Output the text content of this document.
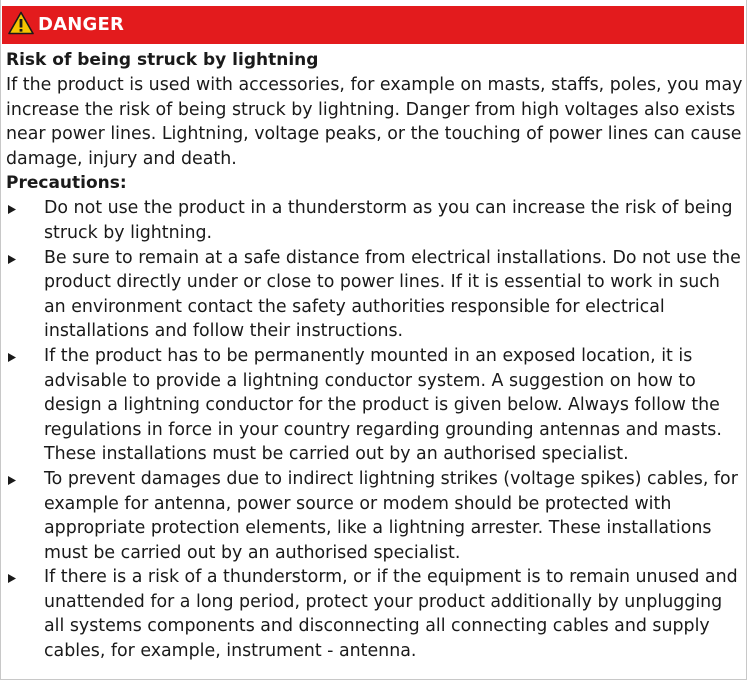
DANGER

Risk of being struck by lightning

If the product is used with accessories, for example on masts, staffs, poles, you may increase the risk of being struck by lightning. Danger from high voltages also exists near power lines. Lightning, voltage peaks, or the touching of power lines can cause damage, injury and death.

Precautions:

Do not use the product in a thunderstorm as you can increase the risk of being struck by lightning.
Be sure to remain at a safe distance from electrical installations. Do not use the product directly under or close to power lines. If it is essential to work in such an environment contact the safety authorities responsible for electrical installations and follow their instructions.
If the product has to be permanently mounted in an exposed location, it is advisable to provide a lightning conductor system. A suggestion on how to design a lightning conductor for the product is given below. Always follow the regulations in force in your country regarding grounding antennas and masts. These installations must be carried out by an authorised specialist.
To prevent damages due to indirect lightning strikes (voltage spikes) cables, for example for antenna, power source or modem should be protected with appropriate protection elements, like a lightning arrester. These installations must be carried out by an authorised specialist.
If there is a risk of a thunderstorm, or if the equipment is to remain unused and unattended for a long period, protect your product additionally by unplugging all systems components and disconnecting all connecting cables and supply cables, for example, instrument - antenna.
